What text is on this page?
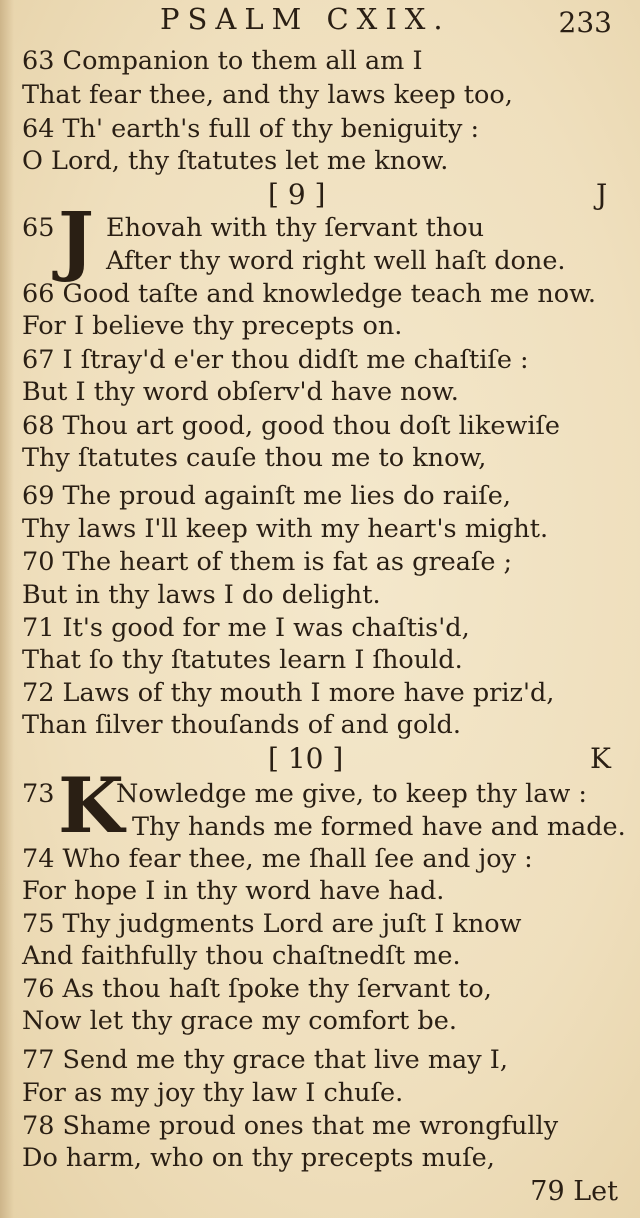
PSALM CXIX.	233
63 Companion to them all am I
That fear thee, and thy laws keep too,
64 Th' earth's full of thy beniguity :
O Lord, thy ſtatutes let me know.
[ 9 ]	J
65 J Ehovah with thy ſervant thou
After thy word right well haſt done.
66 Good taſte and knowledge teach me now.
For I believe thy precepts on.
67 I ſtray'd e'er thou didſt me chaſtiſe :
But I thy word obſerv'd have now.
68 Thou art good, good thou doſt likewiſe
Thy ſtatutes cauſe thou me to know,
69 The proud againſt me lies do raiſe,
Thy laws I'll keep with my heart's might.
70 The heart of them is fat as greaſe ;
But in thy laws I do delight.
71 It's good for me I was chaſtis'd,
That ſo thy ſtatutes learn I ſhould.
72 Laws of thy mouth I more have priz'd,
Than ſilver thouſands of and gold.
[ 10 ]	K
73 K
Nowledge me give, to keep thy law :
Thy hands me formed have and made.
74 Who fear thee, me ſhall ſee and joy :
For hope I in thy word have had.
75 Thy judgments Lord are juſt I know
And faithfully thou chaſtnedſt me.
76 As thou haſt ſpoke thy ſervant to,
Now let thy grace my comfort be.
77 Send me thy grace that live may I,
For as my joy thy law I chuſe.
78 Shame proud ones that me wrongfully
Do harm, who on thy precepts muſe,
79 Let
